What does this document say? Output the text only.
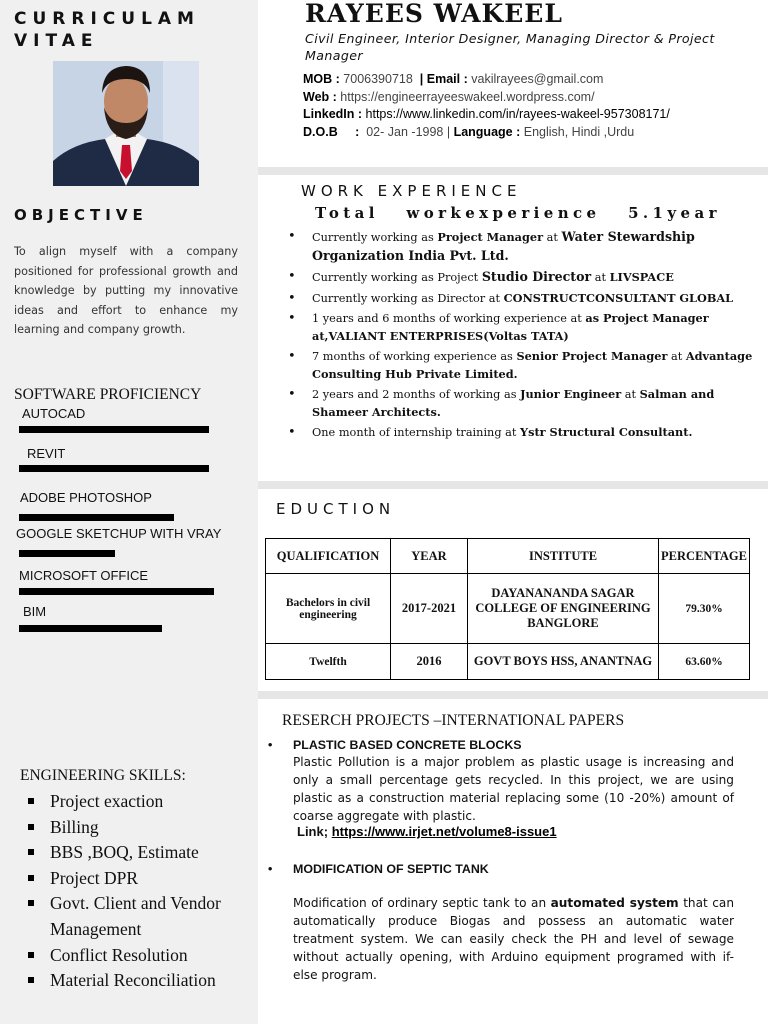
CURRICULAM
VITAE
OBJECTIVE
To align myself with a company positioned for professional growth and knowledge by putting my innovative ideas and effort to enhance my learning and company growth.
SOFTWARE PROFICIENCY
AUTOCAD
REVIT
ADOBE PHOTOSHOP
GOOGLE SKETCHUP WITH VRAY
MICROSOFT OFFICE
BIM
ENGINEERING SKILLS:
Project exaction
Billing
BBS ,BOQ, Estimate
Project DPR
Govt. Client and Vendor Management
Conflict Resolution
Material Reconciliation
RAYEES WAKEEL
Civil Engineer, Interior Designer, Managing Director & Project Manager
MOB : 7006390718 | Email : vakilrayees@gmail.com
Web : https://engineerrayeeswakeel.wordpress.com/
LinkedIn : https://www.linkedin.com/in/rayees-wakeel-957308171/
D.O.B : 02- Jan -1998 | Language : English, Hindi ,Urdu
WORK EXPERIENCE
Total workexperience 5.1year
• Currently working as Project Manager at Water Stewardship Organization India Pvt. Ltd.
• Currently working as Project Studio Director at LIVSPACE
• Currently working as Director at CONSTRUCTCONSULTANT GLOBAL
• 1 years and 6 months of working experience at as Project Manager at,VALIANT ENTERPRISES(Voltas TATA)
• 7 months of working experience as Senior Project Manager at Advantage Consulting Hub Private Limited.
• 2 years and 2 months of working as Junior Engineer at Salman and Shameer Architects.
• One month of internship training at Ystr Structural Consultant.
EDUCTION
QUALIFICATION	YEAR	INSTITUTE	PERCENTAGE
Bachelors in civil engineering	2017-2021	DAYANANANDA SAGAR COLLEGE OF ENGINEERING BANGLORE	79.30%
Twelfth	2016	GOVT BOYS HSS, ANANTNAG	63.60%
RESERCH PROJECTS –INTERNATIONAL PAPERS
• PLASTIC BASED CONCRETE BLOCKS
Plastic Pollution is a major problem as plastic usage is increasing and only a small percentage gets recycled. In this project, we are using plastic as a construction material replacing some (10 -20%) amount of coarse aggregate with plastic.
Link; https://www.irjet.net/volume8-issue1
• MODIFICATION OF SEPTIC TANK
Modification of ordinary septic tank to an automated system that can automatically produce Biogas and possess an automatic water treatment system. We can easily check the PH and level of sewage without actually opening, with Arduino equipment programed with if-else program.
